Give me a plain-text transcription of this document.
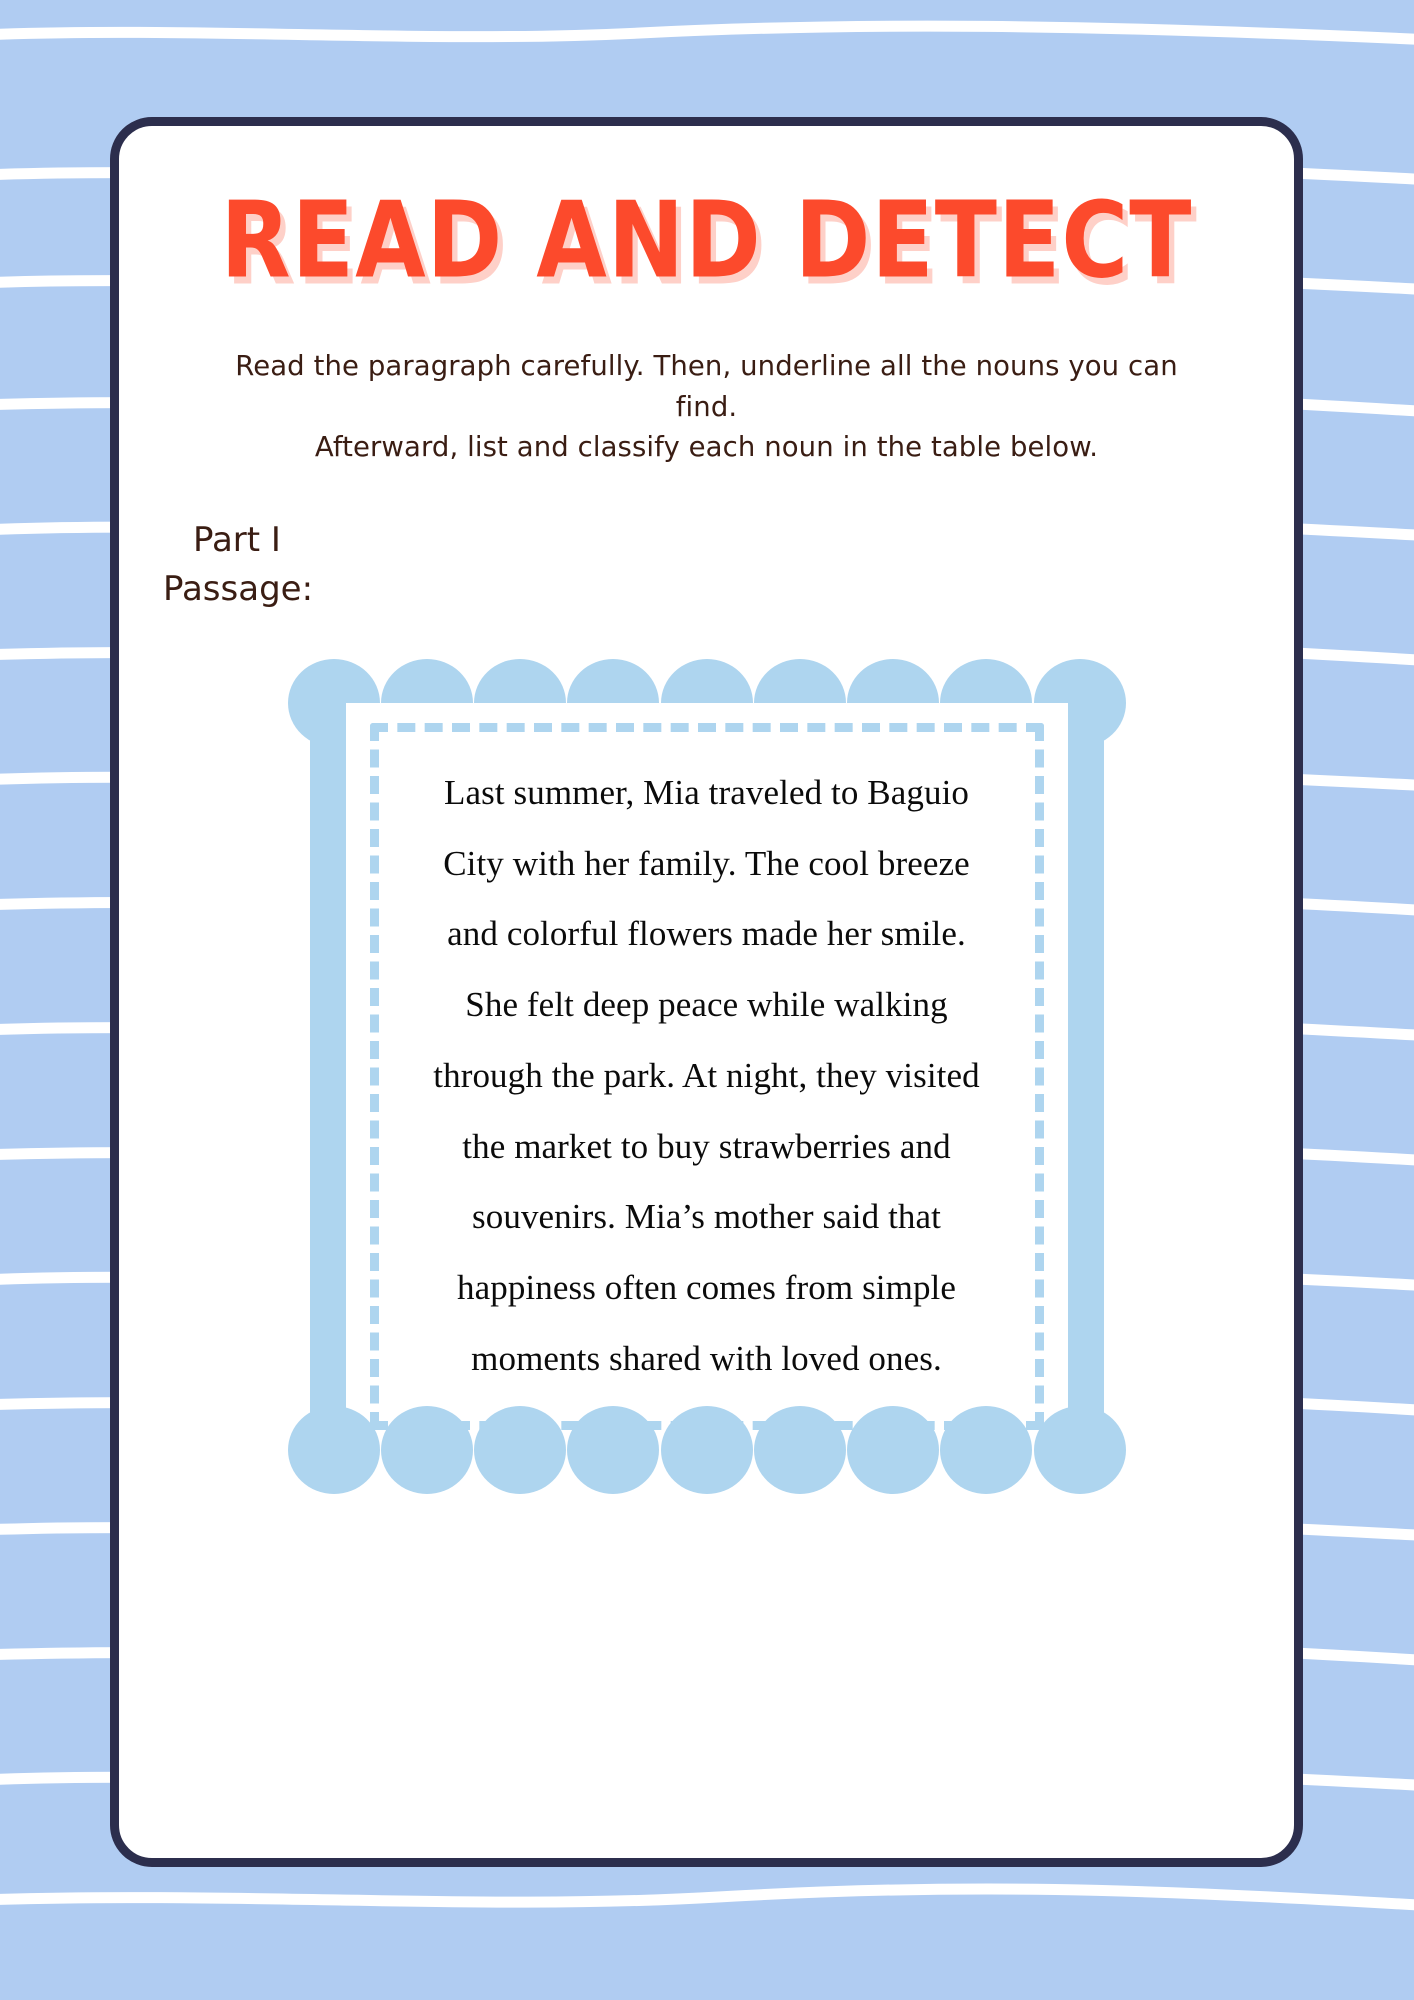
READ AND DETECT
Read the paragraph carefully. Then, underline all the nouns you can find.
Afterward, list and classify each noun in the table below.
Part I
Passage:
Last summer, Mia traveled to Baguio
City with her family. The cool breeze
and colorful flowers made her smile.
She felt deep peace while walking
through the park. At night, they visited
the market to buy strawberries and
souvenirs. Mia’s mother said that
happiness often comes from simple
moments shared with loved ones.
